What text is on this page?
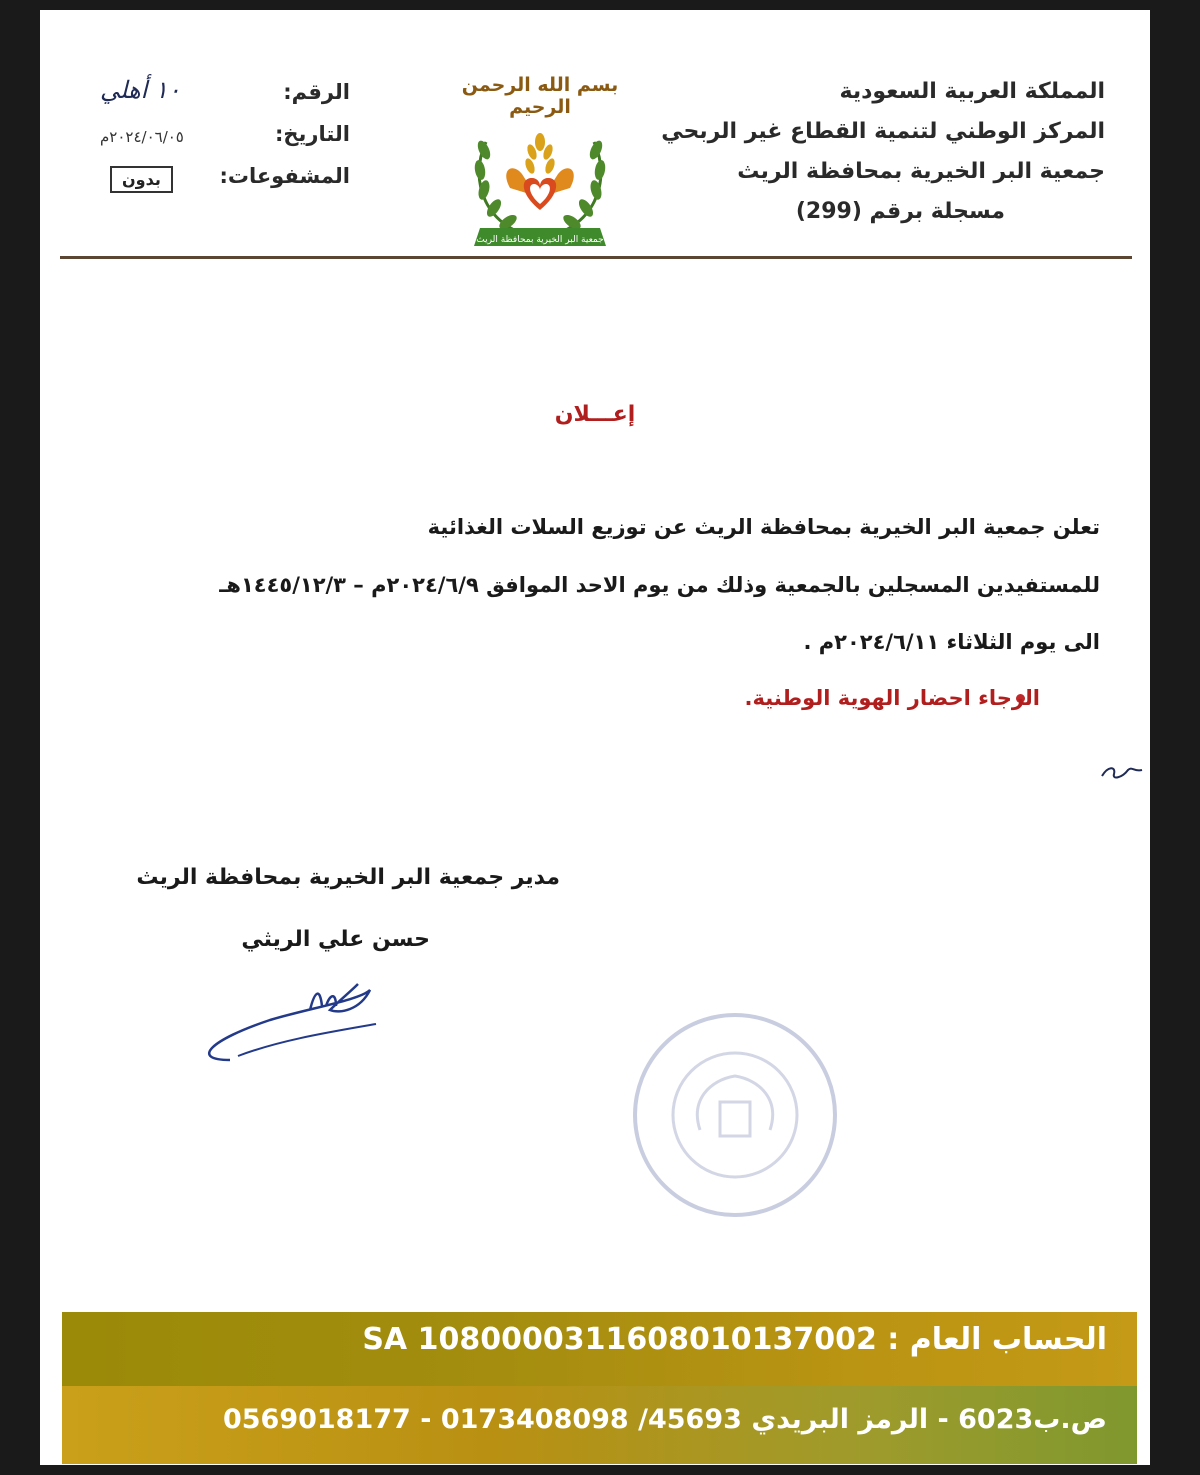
المملكة العربية السعودية
المركز الوطني لتنمية القطاع غير الربحي
جمعية البر الخيرية بمحافظة الريث
مسجلة برقم (299)
بسم الله الرحمن الرحيم
جمعية البر الخيرية بمحافظة الريث
الرقم:
١٠ أهلي
التاريخ:
٢٠٢٤/٠٦/٠٥م
المشفوعات:
بدون
إعـــلان
تعلن جمعية البر الخيرية بمحافظة الريث عن توزيع السلات الغذائية
للمستفيدين المسجلين بالجمعية وذلك من يوم الاحد الموافق ٢٠٢٤/٦/٩م – ١٤٤٥/١٢/٣هـ
الى يوم الثلاثاء ٢٠٢٤/٦/١١م .
الرجاء احضار الهوية الوطنية.
مدير جمعية البر الخيرية بمحافظة الريث
حسن علي الريثي
الحساب العام : SA 1080000311608010137002
ص.ب6023 - الرمز البريدي 45693/ 0173408098 - 0569018177
